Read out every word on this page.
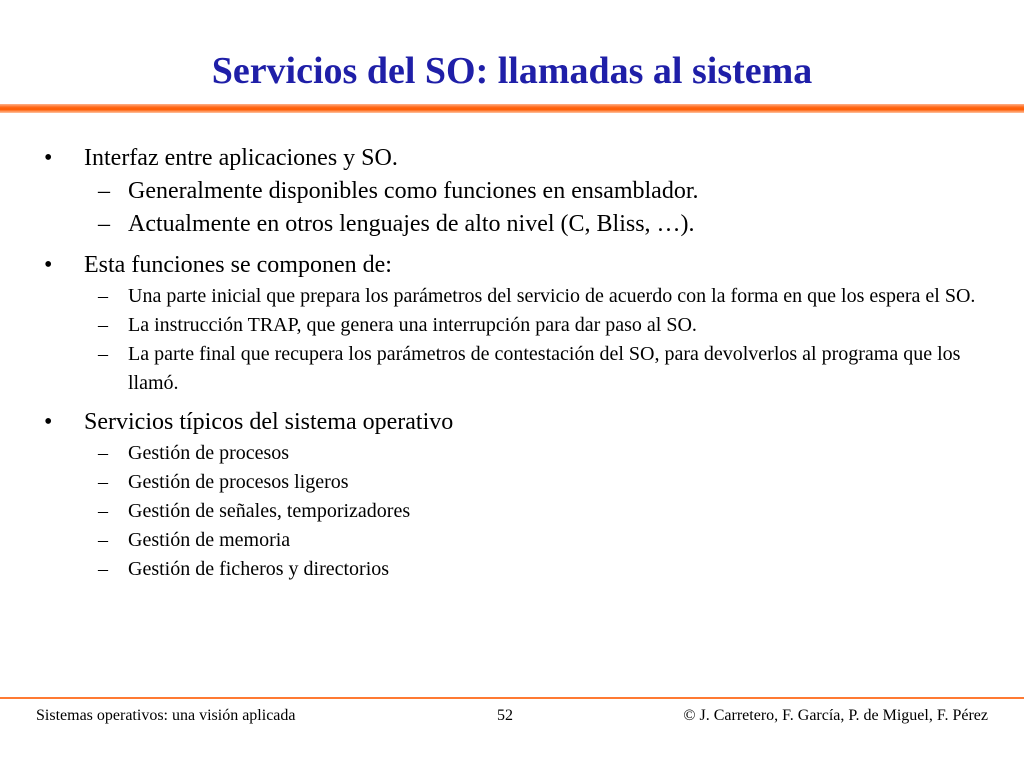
Servicios del SO: llamadas al sistema
• Interfaz entre aplicaciones y SO.
– Generalmente disponibles como funciones en ensamblador.
– Actualmente en otros lenguajes de alto nivel (C, Bliss, …).
• Esta funciones se componen de:
– Una parte inicial que prepara los parámetros del servicio de acuerdo con la forma en que los espera el SO.
– La instrucción TRAP, que genera una interrupción para dar paso al SO.
– La parte final que recupera los parámetros de contestación del SO, para devolverlos al programa que los llamó.
• Servicios típicos del sistema operativo
– Gestión de procesos
– Gestión de procesos ligeros
– Gestión de señales, temporizadores
– Gestión de memoria
– Gestión de ficheros y directorios
Sistemas operativos: una visión aplicada	52	© J. Carretero, F. García, P. de Miguel, F. Pérez
